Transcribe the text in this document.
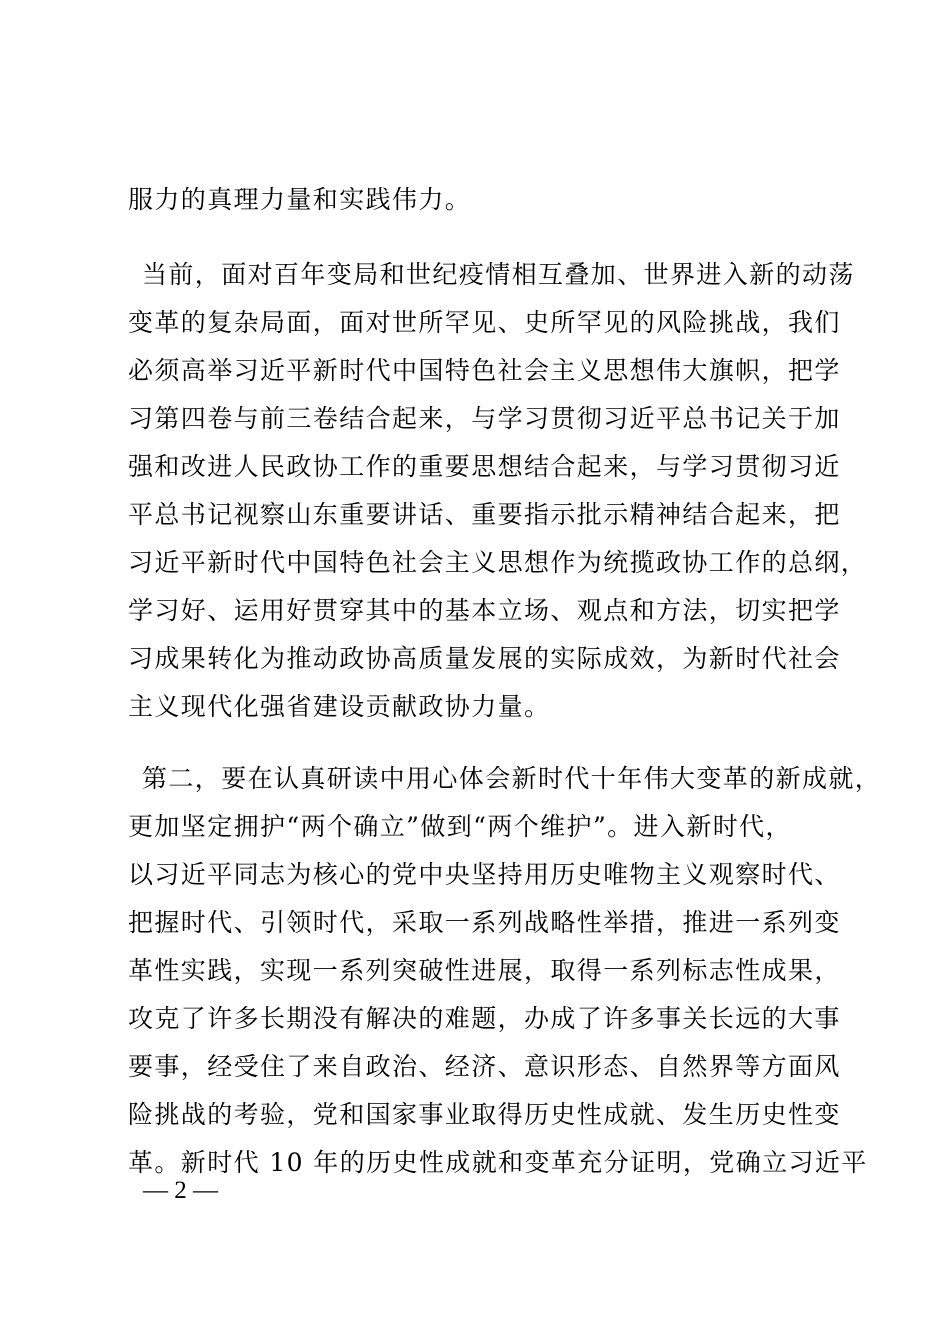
服力的真理力量和实践伟力。
当前，面对百年变局和世纪疫情相互叠加、世界进入新的动荡
变革的复杂局面，面对世所罕见、史所罕见的风险挑战，我们
必须高举习近平新时代中国特色社会主义思想伟大旗帜，把学
习第四卷与前三卷结合起来，与学习贯彻习近平总书记关于加
强和改进人民政协工作的重要思想结合起来，与学习贯彻习近
平总书记视察山东重要讲话、重要指示批示精神结合起来，把
习近平新时代中国特色社会主义思想作为统揽政协工作的总纲，
学习好、运用好贯穿其中的基本立场、观点和方法，切实把学
习成果转化为推动政协高质量发展的实际成效，为新时代社会
主义现代化强省建设贡献政协力量。
第二，要在认真研读中用心体会新时代十年伟大变革的新成就，
更加坚定拥护“两个确立”做到“两个维护”。进入新时代，
以习近平同志为核心的党中央坚持用历史唯物主义观察时代、
把握时代、引领时代，采取一系列战略性举措，推进一系列变
革性实践，实现一系列突破性进展，取得一系列标志性成果，
攻克了许多长期没有解决的难题，办成了许多事关长远的大事
要事，经受住了来自政治、经济、意识形态、自然界等方面风
险挑战的考验，党和国家事业取得历史性成就、发生历史性变
革。新时代 10 年的历史性成就和变革充分证明，党确立习近平
— 2 —
